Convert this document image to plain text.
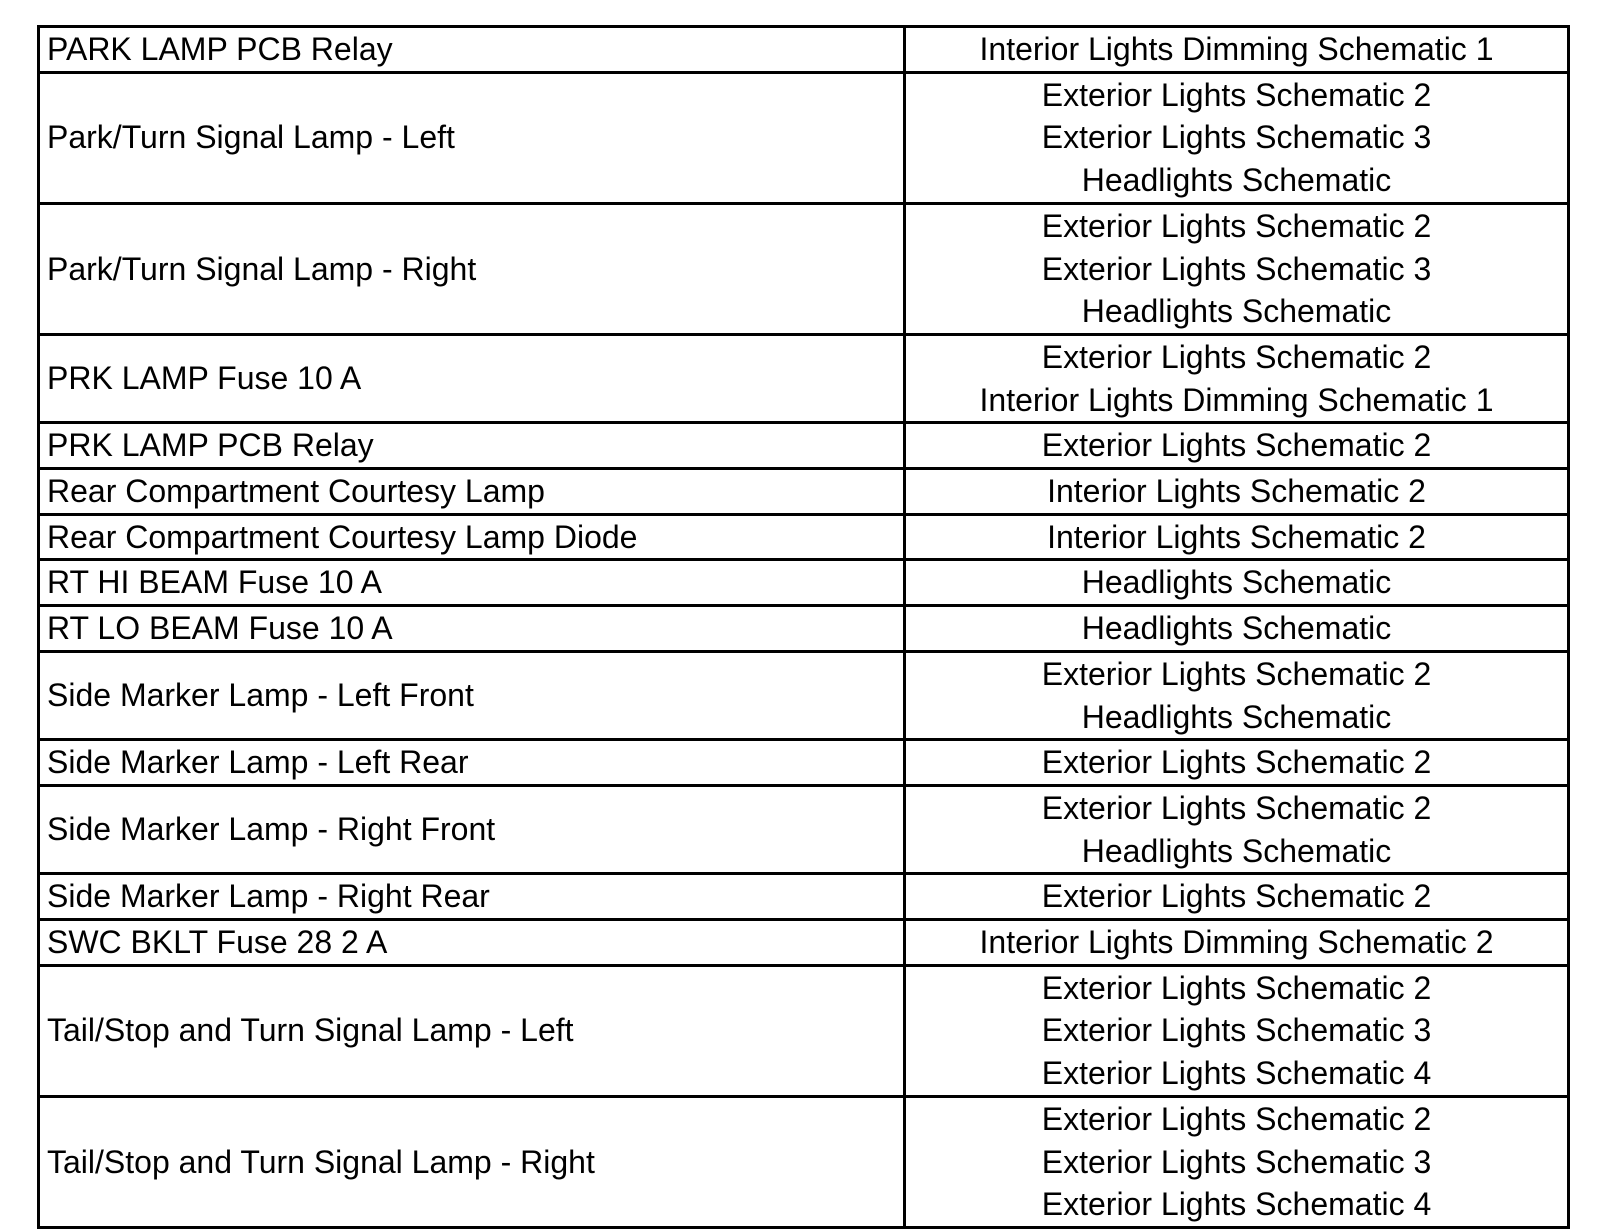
PARK LAMP PCB Relay	Interior Lights Dimming Schematic 1

Park/Turn Signal Lamp - Left	Exterior Lights Schematic 2
Exterior Lights Schematic 3
Headlights Schematic

Park/Turn Signal Lamp - Right	Exterior Lights Schematic 2
Exterior Lights Schematic 3
Headlights Schematic

PRK LAMP Fuse 10 A	Exterior Lights Schematic 2
Interior Lights Dimming Schematic 1

PRK LAMP PCB Relay	Exterior Lights Schematic 2

Rear Compartment Courtesy Lamp	Interior Lights Schematic 2

Rear Compartment Courtesy Lamp Diode	Interior Lights Schematic 2

RT HI BEAM Fuse 10 A	Headlights Schematic

RT LO BEAM Fuse 10 A	Headlights Schematic

Side Marker Lamp - Left Front	Exterior Lights Schematic 2
Headlights Schematic

Side Marker Lamp - Left Rear	Exterior Lights Schematic 2

Side Marker Lamp - Right Front	Exterior Lights Schematic 2
Headlights Schematic

Side Marker Lamp - Right Rear	Exterior Lights Schematic 2

SWC BKLT Fuse 28 2 A	Interior Lights Dimming Schematic 2

Tail/Stop and Turn Signal Lamp - Left	Exterior Lights Schematic 2
Exterior Lights Schematic 3
Exterior Lights Schematic 4

Tail/Stop and Turn Signal Lamp - Right	Exterior Lights Schematic 2
Exterior Lights Schematic 3
Exterior Lights Schematic 4
